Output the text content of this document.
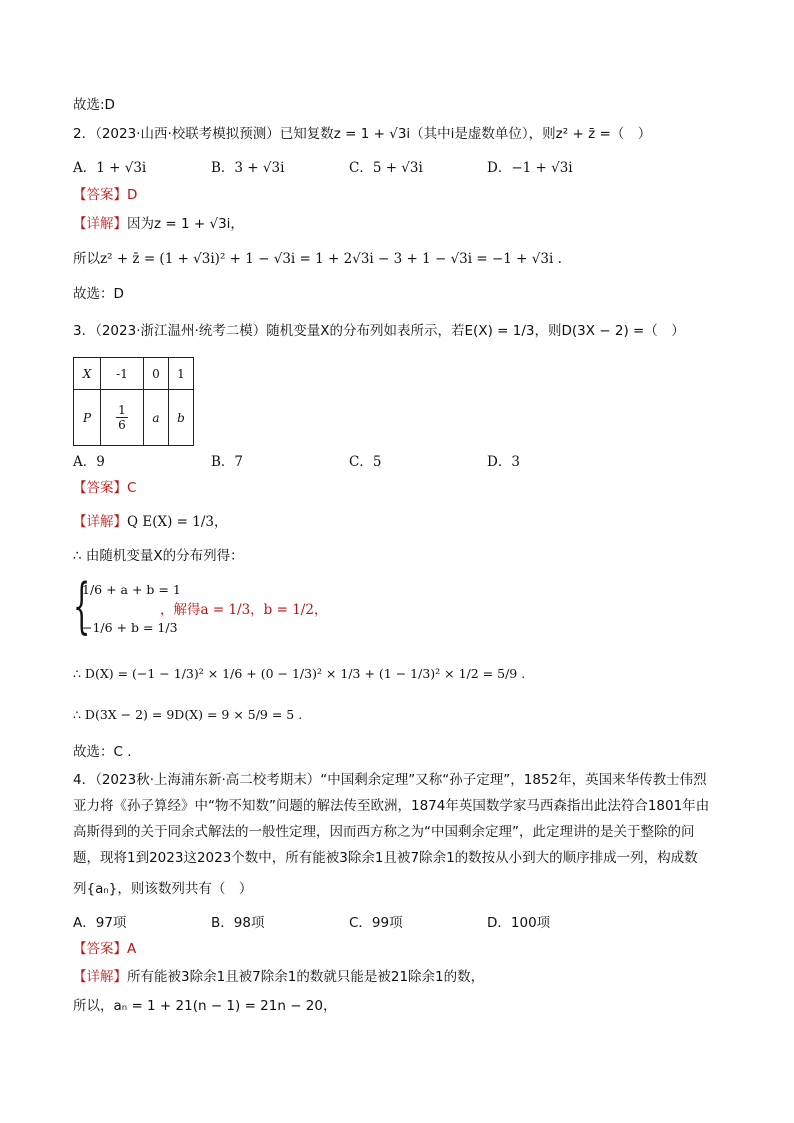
故选:D
2．（2023·山西·校联考模拟预测）已知复数z = 1 + √3i（其中i是虚数单位），则z² + z̄ =（　）
A．1 + √3i	B．3 + √3i	C．5 + √3i	D．−1 + √3i
【答案】D
【详解】因为z = 1 + √3i，
所以z² + z̄ = (1 + √3i)² + 1 − √3i = 1 + 2√3i − 3 + 1 − √3i = −1 + √3i .
故选：D
3．（2023·浙江温州·统考二模）随机变量X的分布列如表所示，若E(X) = 1/3，则D(3X − 2) =（　）
X	-1	0	1
P	$\frac{1}{6}$	a	b
A．9	B．7	C．5	D．3
【答案】C
【详解】Q E(X) = 1/3，
∴ 由随机变量X的分布列得：
{
1/6 + a + b = 1
−1/6 + b = 1/3
，解得a = 1/3，b = 1/2，
∴ D(X) = (−1 − 1/3)² × 1/6 + (0 − 1/3)² × 1/3 + (1 − 1/3)² × 1/2 = 5/9 .
∴ D(3X − 2) = 9D(X) = 9 × 5/9 = 5 .
故选：C .
4．（2023秋·上海浦东新·高二校考期末）“中国剩余定理”又称“孙子定理”，1852年，英国来华传教士伟烈
亚力将《孙子算经》中“物不知数”问题的解法传至欧洲，1874年英国数学家马西森指出此法符合1801年由
高斯得到的关于同余式解法的一般性定理，因而西方称之为“中国剩余定理”，此定理讲的是关于整除的问
题，现将1到2023这2023个数中，所有能被3除余1且被7除余1的数按从小到大的顺序排成一列，构成数
列{aₙ}，则该数列共有（　）
A．97项	B．98项	C．99项	D．100项
【答案】A
【详解】所有能被3除余1且被7除余1的数就只能是被21除余1的数，
所以，aₙ = 1 + 21(n − 1) = 21n − 20，
